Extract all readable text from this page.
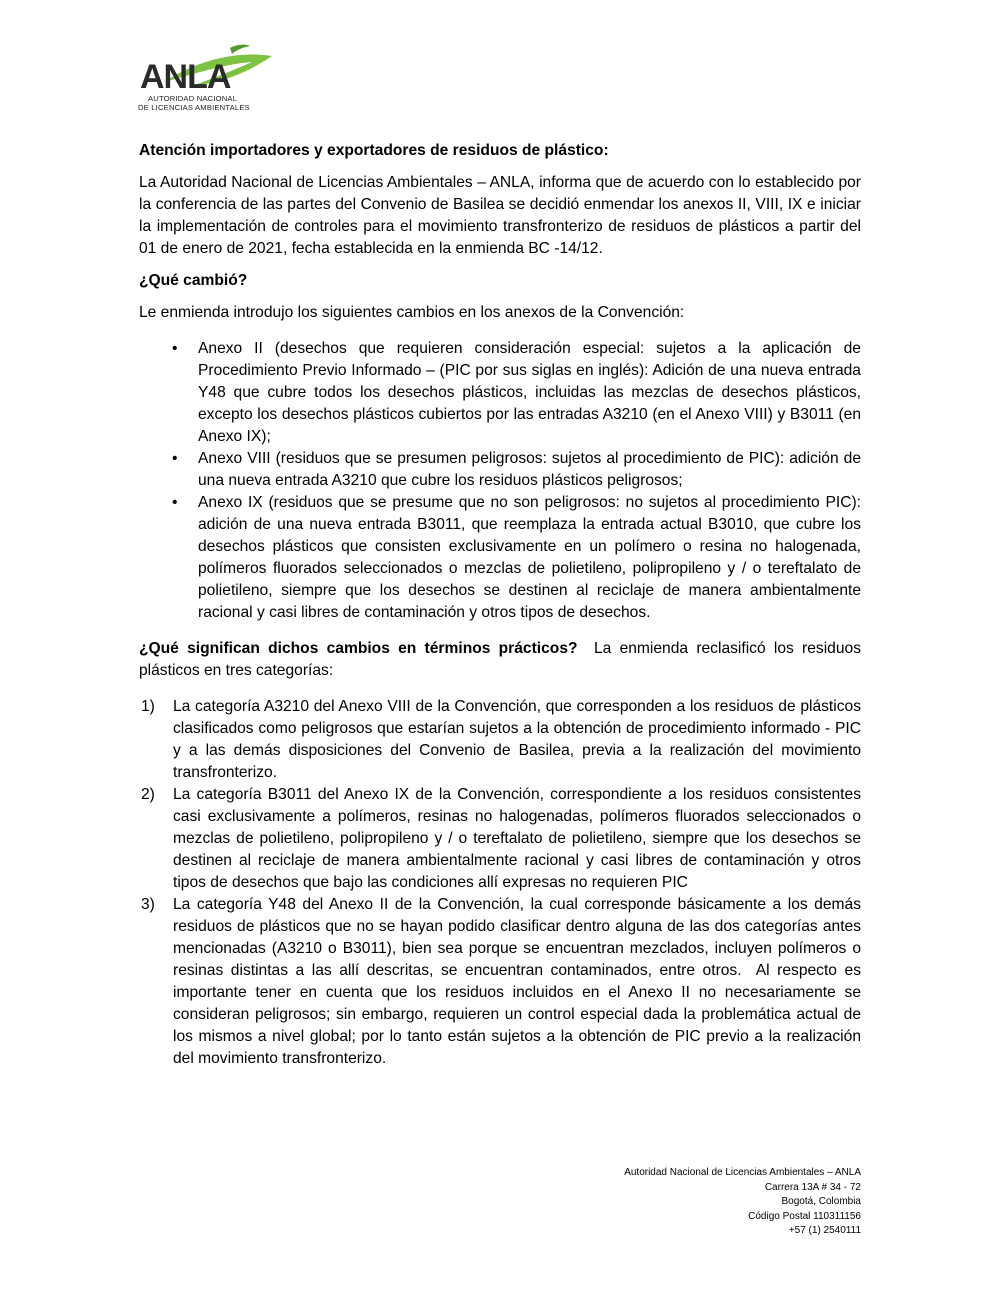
ANLA
AUTORIDAD NACIONAL
DE LICENCIAS AMBIENTALES

Atención importadores y exportadores de residuos de plástico:

La Autoridad Nacional de Licencias Ambientales – ANLA, informa que de acuerdo con lo establecido por la conferencia de las partes del Convenio de Basilea se decidió enmendar los anexos II, VIII, IX e iniciar la implementación de controles para el movimiento transfronterizo de residuos de plásticos a partir del 01 de enero de 2021, fecha establecida en la enmienda BC -14/12.

¿Qué cambió?

Le enmienda introdujo los siguientes cambios en los anexos de la Convención:

• Anexo II (desechos que requieren consideración especial: sujetos a la aplicación de Procedimiento Previo Informado – (PIC por sus siglas en inglés): Adición de una nueva entrada Y48 que cubre todos los desechos plásticos, incluidas las mezclas de desechos plásticos, excepto los desechos plásticos cubiertos por las entradas A3210 (en el Anexo VIII) y B3011 (en Anexo IX);
• Anexo VIII (residuos que se presumen peligrosos: sujetos al procedimiento de PIC): adición de una nueva entrada A3210 que cubre los residuos plásticos peligrosos;
• Anexo IX (residuos que se presume que no son peligrosos: no sujetos al procedimiento PIC): adición de una nueva entrada B3011, que reemplaza la entrada actual B3010, que cubre los desechos plásticos que consisten exclusivamente en un polímero o resina no halogenada, polímeros fluorados seleccionados o mezclas de polietileno, polipropileno y / o tereftalato de polietileno, siempre que los desechos se destinen al reciclaje de manera ambientalmente racional y casi libres de contaminación y otros tipos de desechos.

¿Qué significan dichos cambios en términos prácticos?  La enmienda reclasificó los residuos plásticos en tres categorías:

1) La categoría A3210 del Anexo VIII de la Convención, que corresponden a los residuos de plásticos clasificados como peligrosos que estarían sujetos a la obtención de procedimiento informado - PIC y a las demás disposiciones del Convenio de Basilea, previa a la realización del movimiento transfronterizo.
2) La categoría B3011 del Anexo IX de la Convención, correspondiente a los residuos consistentes casi exclusivamente a polímeros, resinas no halogenadas, polímeros fluorados seleccionados o mezclas de polietileno, polipropileno y / o tereftalato de polietileno, siempre que los desechos se destinen al reciclaje de manera ambientalmente racional y casi libres de contaminación y otros tipos de desechos que bajo las condiciones allí expresas no requieren PIC
3) La categoría Y48 del Anexo II de la Convención, la cual corresponde básicamente a los demás residuos de plásticos que no se hayan podido clasificar dentro alguna de las dos categorías antes mencionadas (A3210 o B3011), bien sea porque se encuentran mezclados, incluyen polímeros o resinas distintas a las allí descritas, se encuentran contaminados, entre otros.  Al respecto es importante tener en cuenta que los residuos incluidos en el Anexo II no necesariamente se consideran peligrosos; sin embargo, requieren un control especial dada la problemática actual de los mismos a nivel global; por lo tanto están sujetos a la obtención de PIC previo a la realización del movimiento transfronterizo.
Autoridad Nacional de Licencias Ambientales – ANLA
Carrera 13A # 34 - 72
Bogotá, Colombia
Código Postal 110311156
+57 (1) 2540111
